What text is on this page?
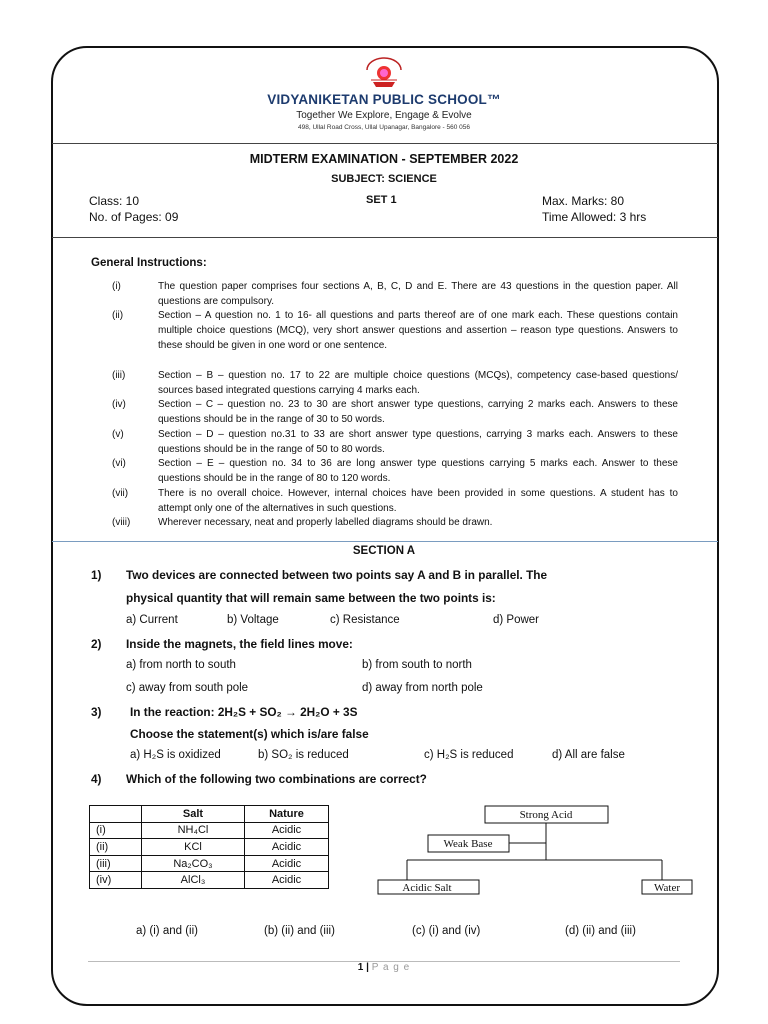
VIDYANIKETAN PUBLIC SCHOOL™
Together We Explore, Engage & Evolve
498, Ullal Road Cross, Ullal Upanagar, Bangalore - 560 056
MIDTERM EXAMINATION - SEPTEMBER 2022
SUBJECT: SCIENCE
Class: 10	SET 1	Max. Marks: 80
No. of Pages: 09	Time Allowed: 3 hrs
General Instructions:
(i)	The question paper comprises four sections A, B, C, D and E. There are 43 questions in the question paper. All questions are compulsory.
(ii)	Section – A question no. 1 to 16- all questions and parts thereof are of one mark each. These questions contain multiple choice questions (MCQ), very short answer questions and assertion – reason type questions. Answers to these should be given in one word or one sentence.
(iii)	Section – B – question no. 17 to 22 are multiple choice questions (MCQs), competency case-based questions/ sources based integrated questions carrying 4 marks each.
(iv)	Section – C – question no. 23 to 30 are short answer type questions, carrying 2 marks each. Answers to these questions should be in the range of 30 to 50 words.
(v)	Section – D – question no.31 to 33 are short answer type questions, carrying 3 marks each. Answers to these questions should be in the range of 50 to 80 words.
(vi)	Section – E – question no. 34 to 36 are long answer type questions carrying 5 marks each. Answer to these questions should be in the range of 80 to 120 words.
(vii)	There is no overall choice. However, internal choices have been provided in some questions. A student has to attempt only one of the alternatives in such questions.
(viii)	Wherever necessary, neat and properly labelled diagrams should be drawn.
SECTION A
1) Two devices are connected between two points say A and B in parallel. The
physical quantity that will remain same between the two points is:
a) Current	b) Voltage	c) Resistance	d) Power
2) Inside the magnets, the field lines move:
a) from north to south	b) from south to north
c) away from south pole	d) away from north pole
3) In the reaction: 2H₂S + SO₂ → 2H₂O + 3S
Choose the statement(s) which is/are false
a) H₂S is oxidized	b) SO₂ is reduced	c) H₂S is reduced	d) All are false
4) Which of the following two combinations are correct?
	Salt	Nature
(i)	NH₄Cl	Acidic
(ii)	KCl	Acidic
(iii)	Na₂CO₃	Acidic
(iv)	AlCl₃	Acidic
Strong Acid
Weak Base
Acidic Salt	Water
a) (i) and (ii)	(b) (ii) and (iii)	(c) (i) and (iv)	(d) (ii) and (iii)
1 | P a g e
